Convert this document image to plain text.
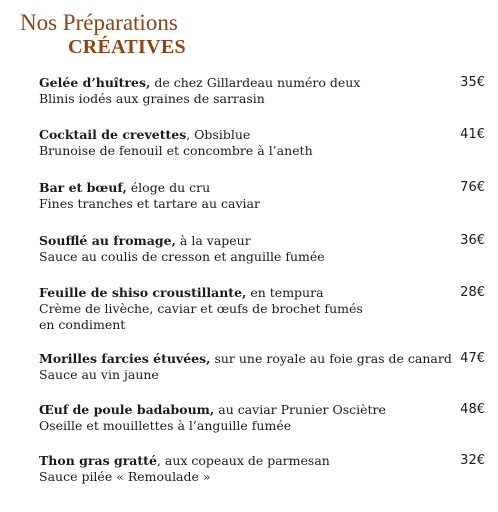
Nos Préparations
CRÉATIVES
Gelée d’huîtres, de chez Gillardeau numéro deux
Blinis iodés aux graines de sarrasin
35€
Cocktail de crevettes, Obsiblue
Brunoise de fenouil et concombre à l’aneth
41€
Bar et bœuf, éloge du cru
Fines tranches et tartare au caviar
76€
Soufflé au fromage, à la vapeur
Sauce au coulis de cresson et anguille fumée
36€
Feuille de shiso croustillante, en tempura
Crème de livèche, caviar et œufs de brochet fumés en condiment
28€
Morilles farcies étuvées, sur une royale au foie gras de canard
Sauce au vin jaune
47€
Œuf de poule badaboum, au caviar Prunier Osciètre
Oseille et mouillettes à l’anguille fumée
48€
Thon gras gratté, aux copeaux de parmesan
Sauce pilée « Remoulade »
32€
